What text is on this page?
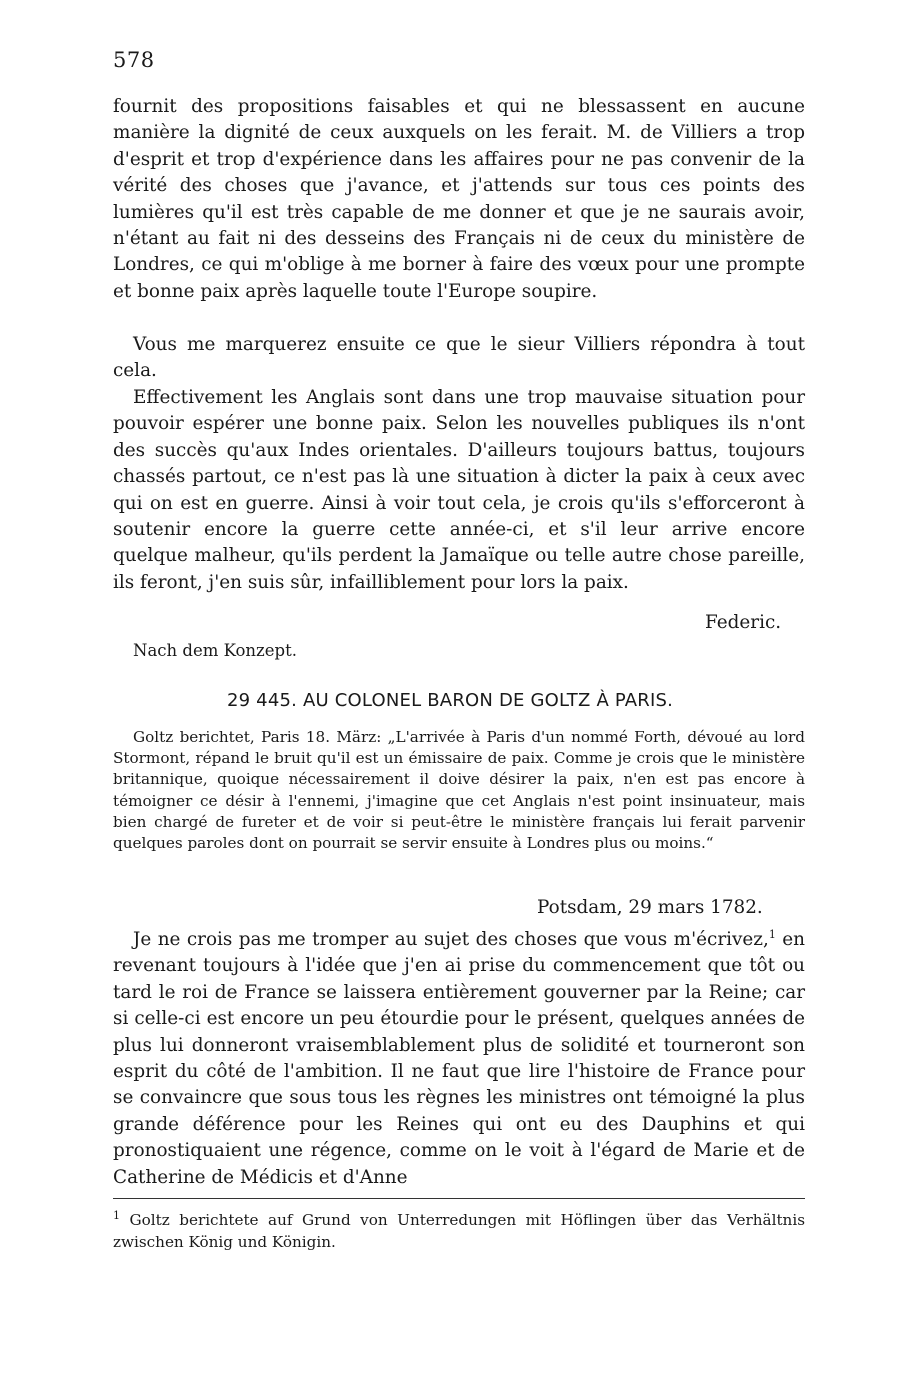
578

fournit des propositions faisables et qui ne blessassent en aucune manière la dignité de ceux auxquels on les ferait. M. de Villiers a trop d'esprit et trop d'expérience dans les affaires pour ne pas convenir de la vérité des choses que j'avance, et j'attends sur tous ces points des lumières qu'il est très capable de me donner et que je ne saurais avoir, n'étant au fait ni des desseins des Français ni de ceux du ministère de Londres, ce qui m'oblige à me borner à faire des vœux pour une prompte et bonne paix après laquelle toute l'Europe soupire.

Vous me marquerez ensuite ce que le sieur Villiers répondra à tout cela.

Effectivement les Anglais sont dans une trop mauvaise situation pour pouvoir espérer une bonne paix. Selon les nouvelles publiques ils n'ont des succès qu'aux Indes orientales. D'ailleurs toujours battus, toujours chassés partout, ce n'est pas là une situation à dicter la paix à ceux avec qui on est en guerre. Ainsi à voir tout cela, je crois qu'ils s'efforceront à soutenir encore la guerre cette année-ci, et s'il leur arrive encore quelque malheur, qu'ils perdent la Jamaïque ou telle autre chose pareille, ils feront, j'en suis sûr, infailliblement pour lors la paix.

Federic.
Nach dem Konzept.
29 445. AU COLONEL BARON DE GOLTZ À PARIS.

Goltz berichtet, Paris 18. März: „L'arrivée à Paris d'un nommé Forth, dévoué au lord Stormont, répand le bruit qu'il est un émissaire de paix. Comme je crois que le ministère britannique, quoique nécessairement il doive désirer la paix, n'en est pas encore à témoigner ce désir à l'ennemi, j'imagine que cet Anglais n'est point insinuateur, mais bien chargé de fureter et de voir si peut-être le ministère français lui ferait parvenir quelques paroles dont on pourrait se servir ensuite à Londres plus ou moins.“

Potsdam, 29 mars 1782.

Je ne crois pas me tromper au sujet des choses que vous m'écrivez,$^1$ en revenant toujours à l'idée que j'en ai prise du commencement que tôt ou tard le roi de France se laissera entièrement gouverner par la Reine; car si celle-ci est encore un peu étourdie pour le présent, quelques années de plus lui donneront vraisemblablement plus de solidité et tourneront son esprit du côté de l'ambition. Il ne faut que lire l'histoire de France pour se convaincre que sous tous les règnes les ministres ont témoigné la plus grande déférence pour les Reines qui ont eu des Dauphins et qui pronostiquaient une régence, comme on le voit à l'égard de Marie et de Catherine de Médicis et d'Anne

$^1$ Goltz berichtete auf Grund von Unterredungen mit Höflingen über das Verhältnis zwischen König und Königin.
